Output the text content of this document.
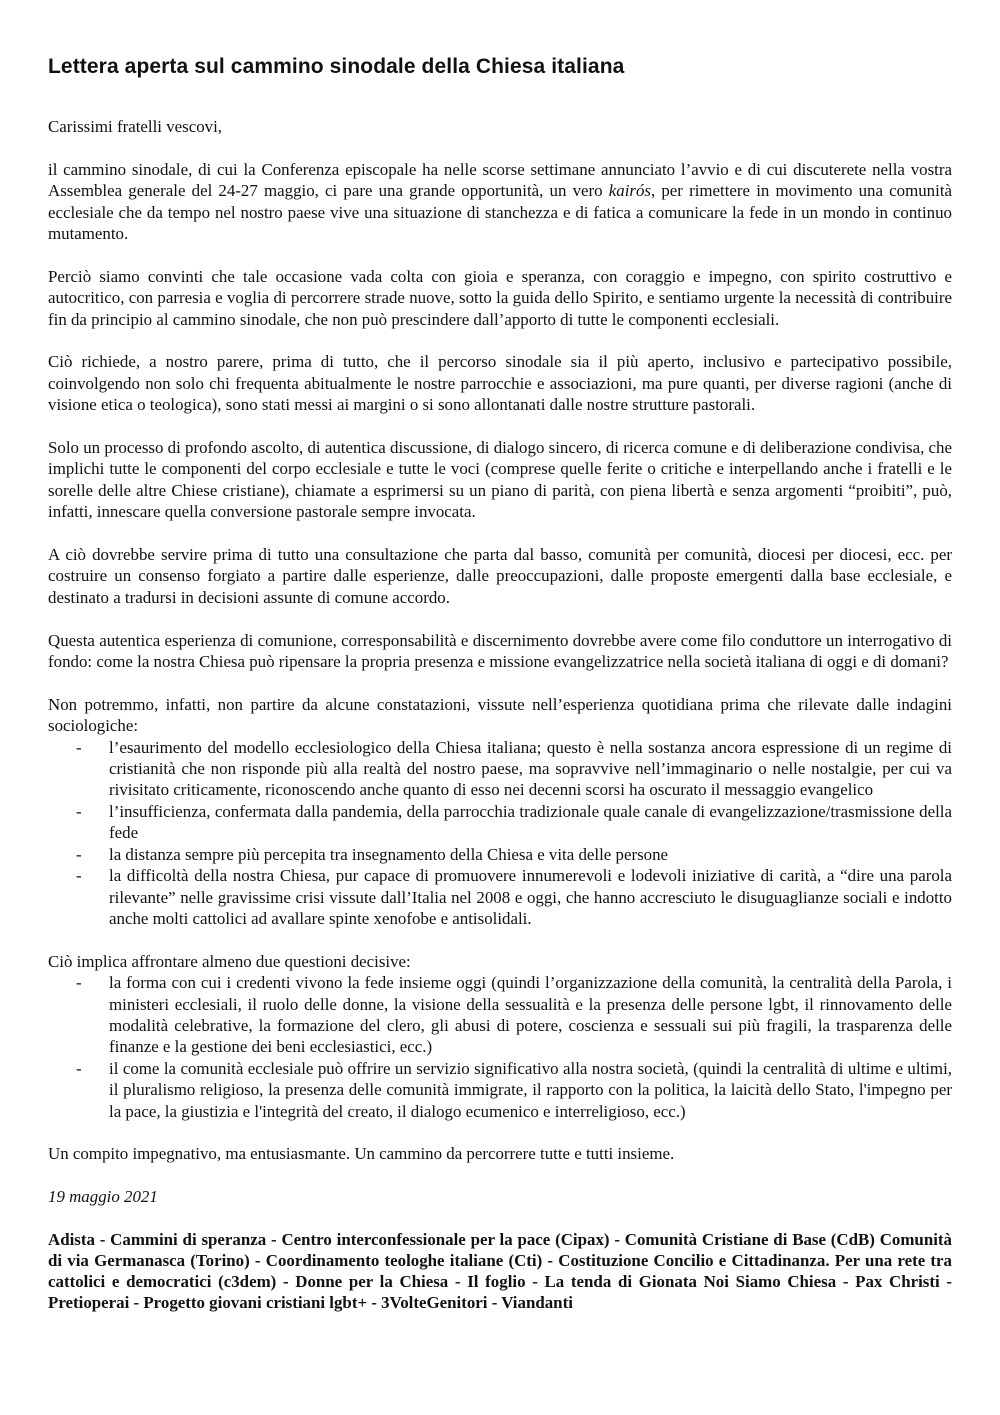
Lettera aperta sul cammino sinodale della Chiesa italiana

Carissimi fratelli vescovi,

il cammino sinodale, di cui la Conferenza episcopale ha nelle scorse settimane annunciato l’avvio e di cui discuterete nella vostra Assemblea generale del 24-27 maggio, ci pare una grande opportunità, un vero kairós, per rimettere in movimento una comunità ecclesiale che da tempo nel nostro paese vive una situazione di stanchezza e di fatica a comunicare la fede in un mondo in continuo mutamento.

Perciò siamo convinti che tale occasione vada colta con gioia e speranza, con coraggio e impegno, con spirito costruttivo e autocritico, con parresia e voglia di percorrere strade nuove, sotto la guida dello Spirito, e sentiamo urgente la necessità di contribuire fin da principio al cammino sinodale, che non può prescindere dall’apporto di tutte le componenti ecclesiali.

Ciò richiede, a nostro parere, prima di tutto, che il percorso sinodale sia il più aperto, inclusivo e partecipativo possibile, coinvolgendo non solo chi frequenta abitualmente le nostre parrocchie e associazioni, ma pure quanti, per diverse ragioni (anche di visione etica o teologica), sono stati messi ai margini o si sono allontanati dalle nostre strutture pastorali.

Solo un processo di profondo ascolto, di autentica discussione, di dialogo sincero, di ricerca comune e di deliberazione condivisa, che implichi tutte le componenti del corpo ecclesiale e tutte le voci (comprese quelle ferite o critiche e interpellando anche i fratelli e le sorelle delle altre Chiese cristiane), chiamate a esprimersi su un piano di parità, con piena libertà e senza argomenti “proibiti”, può, infatti, innescare quella conversione pastorale sempre invocata.

A ciò dovrebbe servire prima di tutto una consultazione che parta dal basso, comunità per comunità, diocesi per diocesi, ecc. per costruire un consenso forgiato a partire dalle esperienze, dalle preoccupazioni, dalle proposte emergenti dalla base ecclesiale, e destinato a tradursi in decisioni assunte di comune accordo.

Questa autentica esperienza di comunione, corresponsabilità e discernimento dovrebbe avere come filo conduttore un interrogativo di fondo: come la nostra Chiesa può ripensare la propria presenza e missione evangelizzatrice nella società italiana di oggi e di domani?

Non potremmo, infatti, non partire da alcune constatazioni, vissute nell’esperienza quotidiana prima che rilevate dalle indagini sociologiche:

- l’esaurimento del modello ecclesiologico della Chiesa italiana; questo è nella sostanza ancora espressione di un regime di cristianità che non risponde più alla realtà del nostro paese, ma sopravvive nell’immaginario o nelle nostalgie, per cui va rivisitato criticamente, riconoscendo anche quanto di esso nei decenni scorsi ha oscurato il messaggio evangelico
- l’insufficienza, confermata dalla pandemia, della parrocchia tradizionale quale canale di evangelizzazione/trasmissione della fede
- la distanza sempre più percepita tra insegnamento della Chiesa e vita delle persone
- la difficoltà della nostra Chiesa, pur capace di promuovere innumerevoli e lodevoli iniziative di carità, a “dire una parola rilevante” nelle gravissime crisi vissute dall’Italia nel 2008 e oggi, che hanno accresciuto le disuguaglianze sociali e indotto anche molti cattolici ad avallare spinte xenofobe e antisolidali.

Ciò implica affrontare almeno due questioni decisive:

- la forma con cui i credenti vivono la fede insieme oggi (quindi l’organizzazione della comunità, la centralità della Parola, i ministeri ecclesiali, il ruolo delle donne, la visione della sessualità e la presenza delle persone lgbt, il rinnovamento delle modalità celebrative, la formazione del clero, gli abusi di potere, coscienza e sessuali sui più fragili, la trasparenza delle finanze e la gestione dei beni ecclesiastici, ecc.)
- il come la comunità ecclesiale può offrire un servizio significativo alla nostra società, (quindi la centralità di ultime e ultimi, il pluralismo religioso, la presenza delle comunità immigrate, il rapporto con la politica, la laicità dello Stato, l'impegno per la pace, la giustizia e l'integrità del creato, il dialogo ecumenico e interreligioso, ecc.)

Un compito impegnativo, ma entusiasmante. Un cammino da percorrere tutte e tutti insieme.

19 maggio 2021

Adista - Cammini di speranza - Centro interconfessionale per la pace (Cipax) - Comunità Cristiane di Base (CdB) Comunità di via Germanasca (Torino) - Coordinamento teologhe italiane (Cti) - Costituzione Concilio e Cittadinanza. Per una rete tra cattolici e democratici (c3dem) - Donne per la Chiesa - Il foglio - La tenda di Gionata Noi Siamo Chiesa - Pax Christi - Pretioperai - Progetto giovani cristiani lgbt+ - 3VolteGenitori - Viandanti
